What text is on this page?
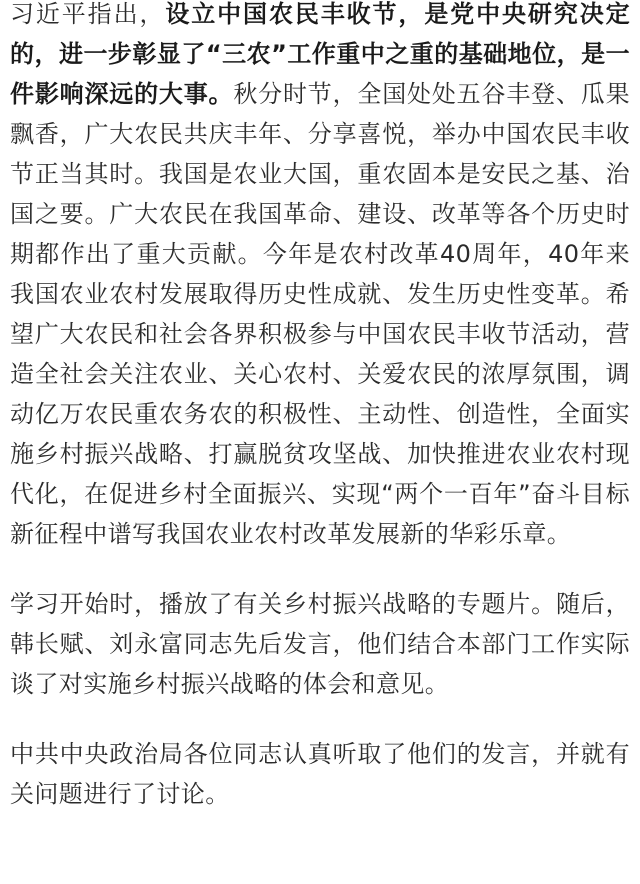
习近平指出，设立中国农民丰收节，是党中央研究决定的，进一步彰显了“三农”工作重中之重的基础地位，是一件影响深远的大事。秋分时节，全国处处五谷丰登、瓜果飘香，广大农民共庆丰年、分享喜悦，举办中国农民丰收节正当其时。我国是农业大国，重农固本是安民之基、治国之要。广大农民在我国革命、建设、改革等各个历史时期都作出了重大贡献。今年是农村改革40周年，40年来我国农业农村发展取得历史性成就、发生历史性变革。希望广大农民和社会各界积极参与中国农民丰收节活动，营造全社会关注农业、关心农村、关爱农民的浓厚氛围，调动亿万农民重农务农的积极性、主动性、创造性，全面实施乡村振兴战略、打赢脱贫攻坚战、加快推进农业农村现代化，在促进乡村全面振兴、实现“两个一百年”奋斗目标新征程中谱写我国农业农村改革发展新的华彩乐章。

学习开始时，播放了有关乡村振兴战略的专题片。随后，韩长赋、刘永富同志先后发言，他们结合本部门工作实际谈了对实施乡村振兴战略的体会和意见。

中共中央政治局各位同志认真听取了他们的发言，并就有关问题进行了讨论。
